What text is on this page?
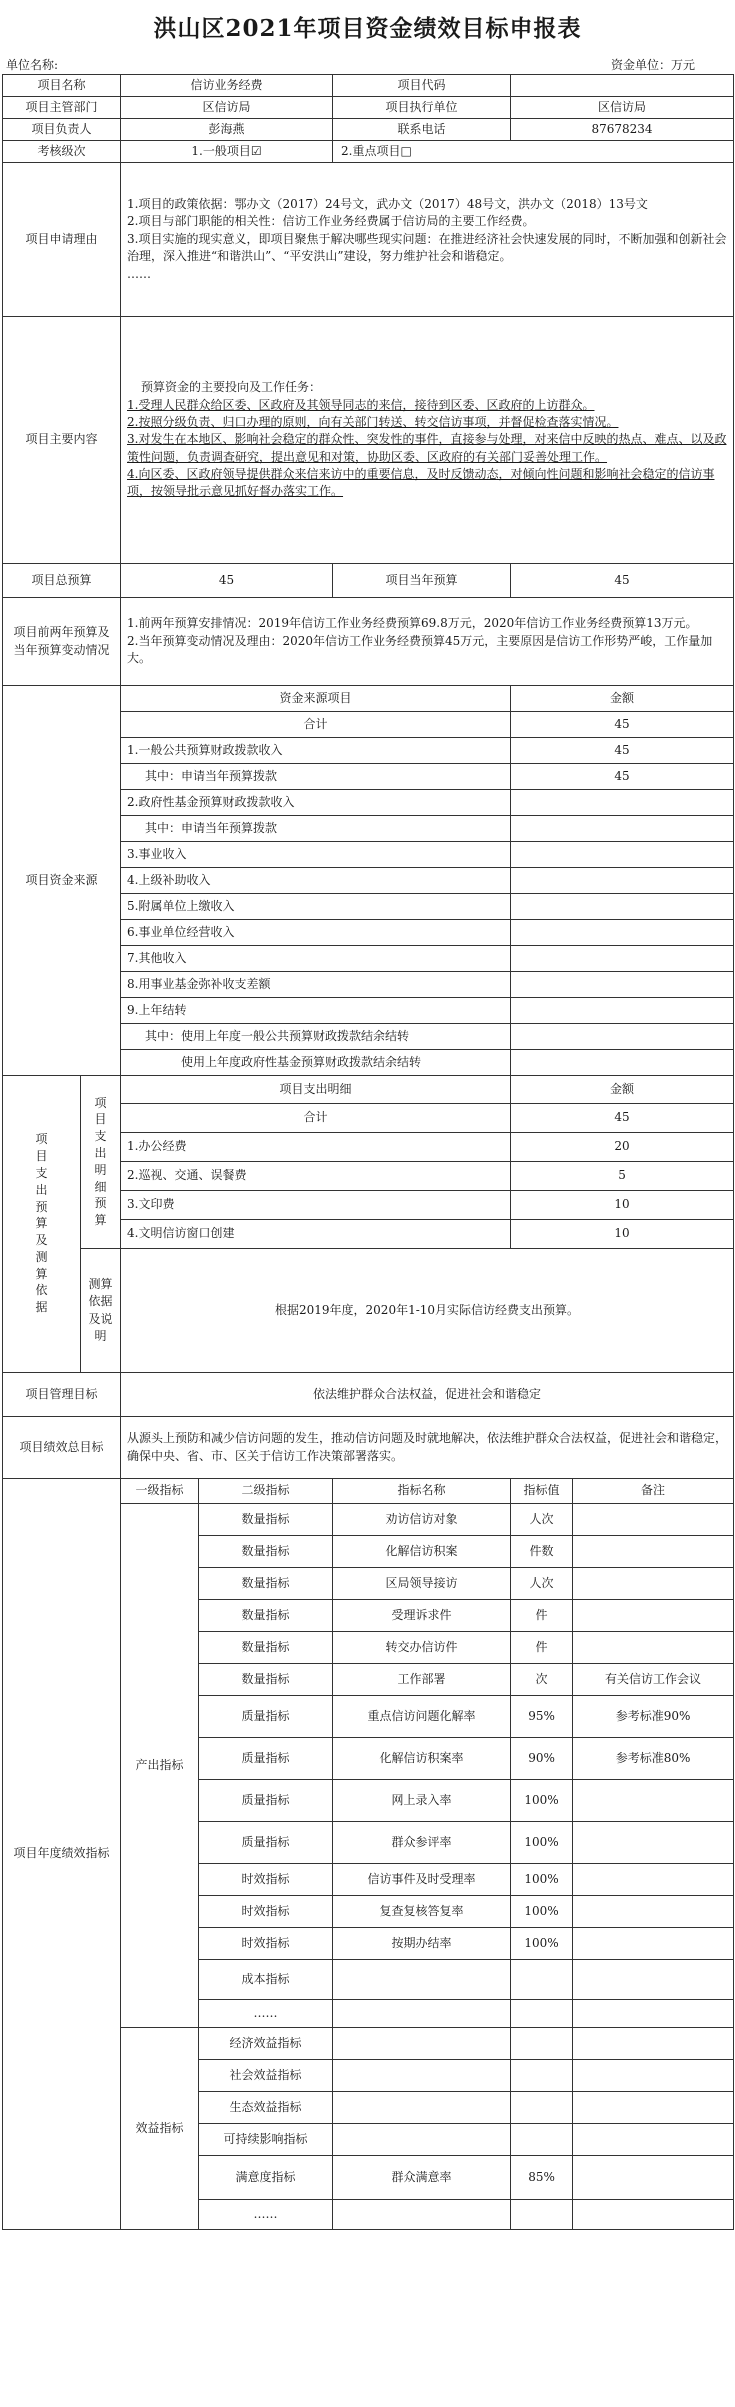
洪山区2021年项目资金绩效目标申报表
单位名称:	资金单位：万元
项目名称		信访业务经费		项目代码		
项目主管部门		区信访局		项目执行单位	区信访局	
项目负责人		彭海燕		联系电话	87678234	
考核级次		1.一般项目☑		2.重点项目□		
项目申请理由		1.项目的政策依据：鄂办文（2017）24号文，武办文（2017）48号文，洪办文（2018）13号文

2.项目与部门职能的相关性：信访工作业务经费属于信访局的主要工作经费。

3.项目实施的现实意义，即项目聚焦于解决哪些现实问题：在推进经济社会快速发展的同时，不断加强和创新社会治理，深入推进“和谐洪山”、“平安洪山”建设，努力维护社会和谐稳定。

……				

项目主要内容		预算资金的主要投向及工作任务：

1.受理人民群众给区委、区政府及其领导同志的来信，接待到区委、区政府的上访群众。

2.按照分级负责、归口办理的原则，向有关部门转送、转交信访事项，并督促检查落实情况。

3.对发生在本地区、影响社会稳定的群众性、突发性的事件，直接参与处理，对来信中反映的热点、难点、以及政策性问题，负责调查研究，提出意见和对策，协助区委、区政府的有关部门妥善处理工作。

4.向区委、区政府领导提供群众来信来访中的重要信息，及时反馈动态，对倾向性问题和影响社会稳定的信访事项，按领导批示意见抓好督办落实工作。				

项目总预算		45		项目当年预算	45	
项目前两年预算及当年预算变动情况		1.前两年预算安排情况：2019年信访工作业务经费预算69.8万元，2020年信访工作业务经费预算13万元。

2.当年预算变动情况及理由：2020年信访工作业务经费预算45万元，主要原因是信访工作形势严峻，工作量加大。				

项目资金来源		资金来源项目			金额	
		合计			45	
		1.一般公共预算财政拨款收入			45	
		其中：申请当年预算拨款			45	
		2.政府性基金预算财政拨款收入				
		其中：申请当年预算拨款				
		3.事业收入				
		4.上级补助收入				
		5.附属单位上缴收入				
		6.事业单位经营收入				
		7.其他收入				
		8.用事业基金弥补收支差额				
		9.上年结转				
		其中：使用上年度一般公共预算财政拨款结余结转				
		使用上年度政府性基金预算财政拨款结余结转				
项目支出预算及测算依据	项目支出明细预算	项目支出明细			金额	
		合计			45	
		1.办公经费			20	
		2.巡视、交通、误餐费			5	
		3.文印费			10	
		4.文明信访窗口创建			10	
	测算依据及说明	根据2019年度，2020年1-10月实际信访经费支出预算。				
项目管理目标		依法维护群众合法权益，促进社会和谐稳定				
项目绩效总目标		从源头上预防和减少信访问题的发生，推动信访问题及时就地解决，依法维护群众合法权益，促进社会和谐稳定，确保中央、省、市、区关于信访工作决策部署落实。				
项目年度绩效指标		一级指标	二级指标	指标名称	指标值	备注
		产出指标	数量指标	劝访信访对象	人次	
			数量指标	化解信访积案	件数	
			数量指标	区局领导接访	人次	
			数量指标	受理诉求件	件	
			数量指标	转交办信访件	件	
			数量指标	工作部署	次	有关信访工作会议
			质量指标	重点信访问题化解率	95%	参考标准90%
			质量指标	化解信访积案率	90%	参考标准80%
			质量指标	网上录入率	100%	
			质量指标	群众参评率	100%	
			时效指标	信访事件及时受理率	100%	
			时效指标	复查复核答复率	100%	
			时效指标	按期办结率	100%	
			成本指标			
			……			
		效益指标	经济效益指标			
			社会效益指标			
			生态效益指标			
			可持续影响指标			
			满意度指标	群众满意率	85%	
			……			
